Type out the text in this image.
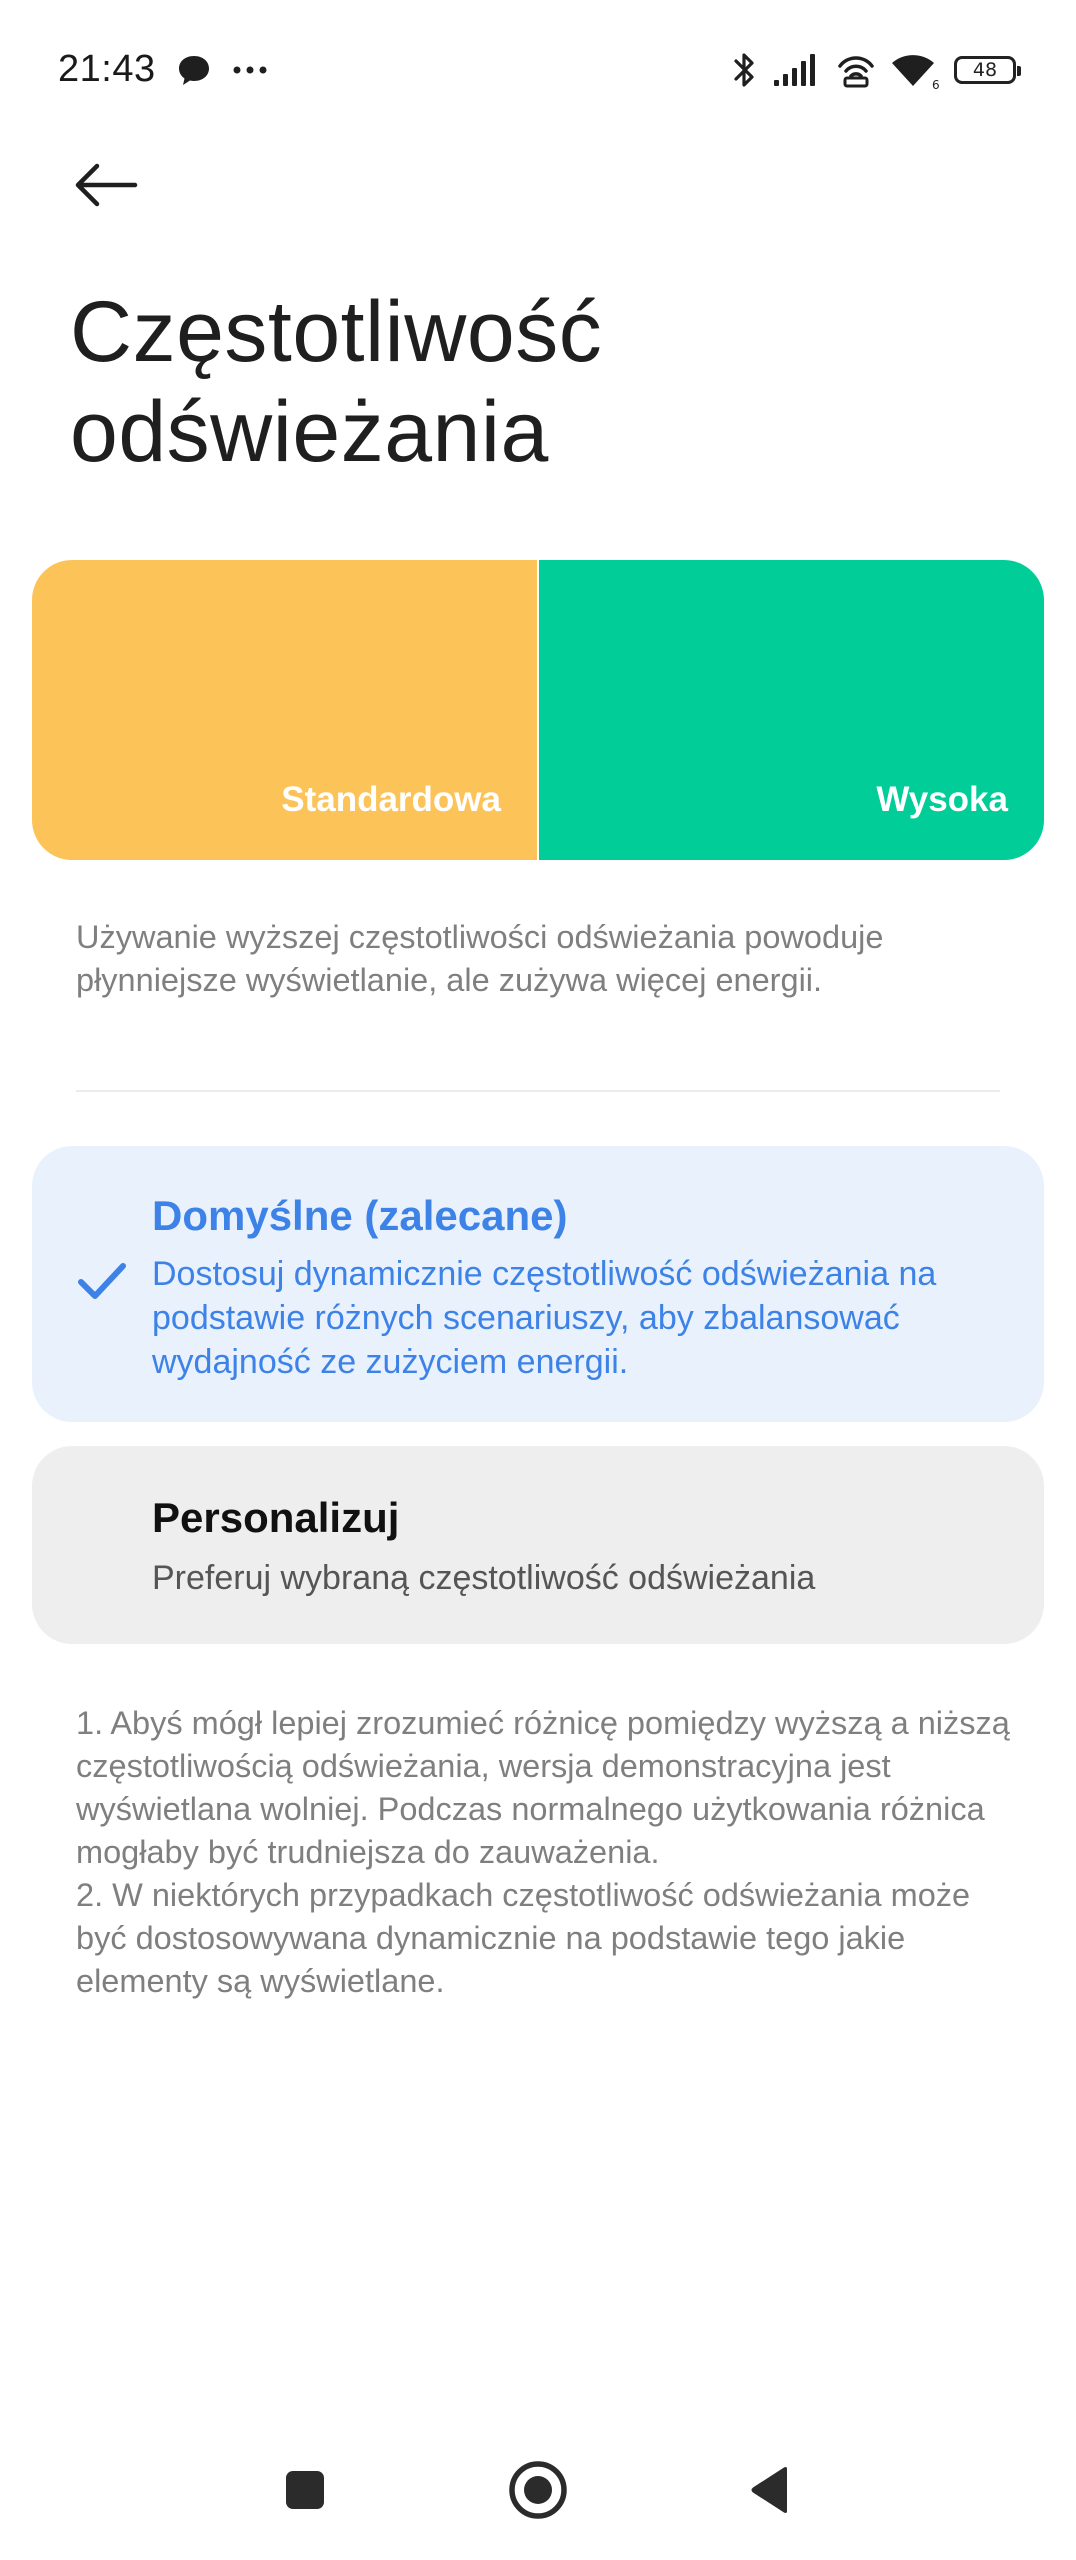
21:43	6
48
Częstotliwość odświeżania
Standardowa	Wysoka

Używanie wyższej częstotliwości odświeżania powoduje płynniejsze wyświetlanie, ale zużywa więcej energii.

Domyślne (zalecane)

Dostosuj dynamicznie częstotliwość odświeżania na podstawie różnych scenariuszy, aby zbalansować wydajność ze zużyciem energii.

Personalizuj

Preferuj wybraną częstotliwość odświeżania

1. Abyś mógł lepiej zrozumieć różnicę pomiędzy wyższą a niższą częstotliwością odświeżania, wersja demonstracyjna jest wyświetlana wolniej. Podczas normalnego użytkowania różnica mogłaby być trudniejsza do zauważenia.

2. W niektórych przypadkach częstotliwość odświeżania może być dostosowywana dynamicznie na podstawie tego jakie elementy są wyświetlane.
